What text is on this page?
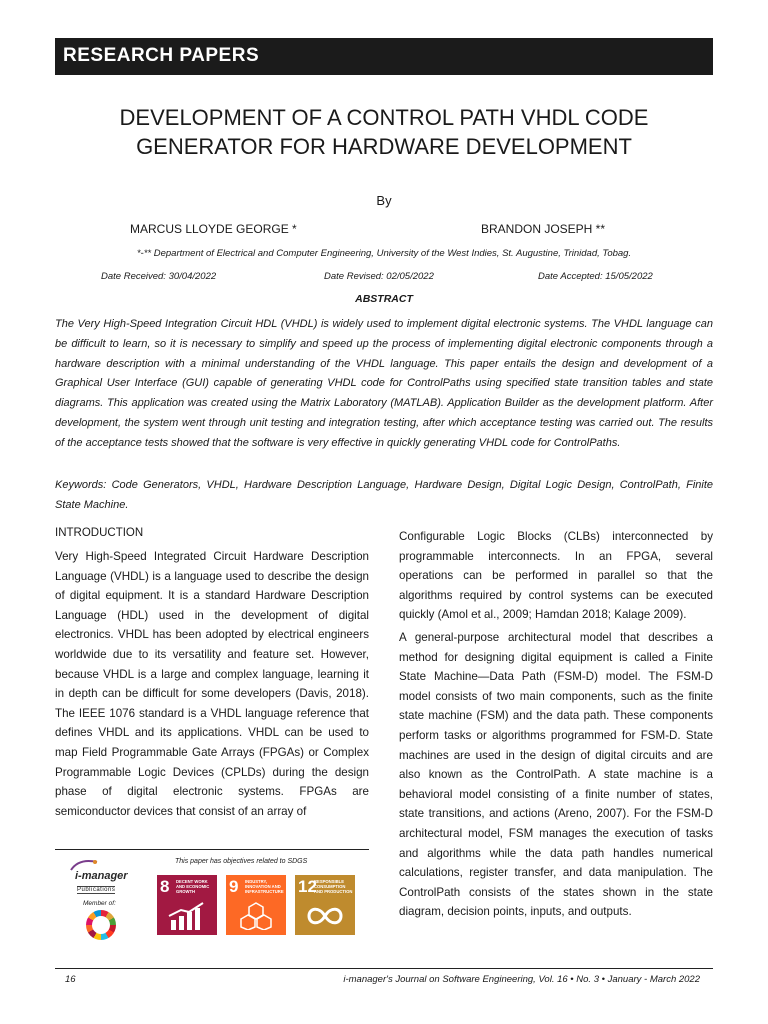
RESEARCH PAPERS
DEVELOPMENT OF A CONTROL PATH VHDL CODE
GENERATOR FOR HARDWARE DEVELOPMENT
By
MARCUS LLOYDE GEORGE *	BRANDON JOSEPH **
*-** Department of Electrical and Computer Engineering, University of the West Indies, St. Augustine, Trinidad, Tobag.
Date Received: 30/04/2022	Date Revised: 02/05/2022	Date Accepted: 15/05/2022
ABSTRACT
The Very High-Speed Integration Circuit HDL (VHDL) is widely used to implement digital electronic systems. The VHDL language can be difficult to learn, so it is necessary to simplify and speed up the process of implementing digital electronic components through a hardware description with a minimal understanding of the VHDL language. This paper entails the design and development of a Graphical User Interface (GUI) capable of generating VHDL code for ControlPaths using specified state transition tables and state diagrams. This application was created using the Matrix Laboratory (MATLAB). Application Builder as the development platform. After development, the system went through unit testing and integration testing, after which acceptance testing was carried out. The results of the acceptance tests showed that the software is very effective in quickly generating VHDL code for ControlPaths.
Keywords: Code Generators, VHDL, Hardware Description Language, Hardware Design, Digital Logic Design, ControlPath, Finite State Machine.
INTRODUCTION

Very High-Speed Integrated Circuit Hardware Description Language (VHDL) is a language used to describe the design of digital equipment. It is a standard Hardware Description Language (HDL) used in the development of digital electronics. VHDL has been adopted by electrical engineers worldwide due to its versatility and feature set. However, because VHDL is a large and complex language, learning it in depth can be difficult for some developers (Davis, 2018). The IEEE 1076 standard is a VHDL language reference that defines VHDL and its applications. VHDL can be used to map Field Programmable Gate Arrays (FPGAs) or Complex Programmable Logic Devices (CPLDs) during the design phase of digital electronic systems. FPGAs are semiconductor devices that consist of an array of

Configurable Logic Blocks (CLBs) interconnected by programmable interconnects. In an FPGA, several operations can be performed in parallel so that the algorithms required by control systems can be executed quickly (Amol et al., 2009; Hamdan 2018; Kalage 2009).

A general-purpose architectural model that describes a method for designing digital equipment is called a Finite State Machine—Data Path (FSM-D) model. The FSM-D model consists of two main components, such as the finite state machine (FSM) and the data path. These components perform tasks or algorithms programmed for FSM-D. State machines are used in the design of digital circuits and are also known as the ControlPath. A state machine is a behavioral model consisting of a finite number of states, state transitions, and actions (Areno, 2007). For the FSM-D architectural model, FSM manages the execution of tasks and algorithms while the data path handles numerical calculations, register transfer, and data manipulation. The ControlPath consists of the states shown in the state diagram, decision points, inputs, and outputs.

i-manager
Publications
Member of:
This paper has objectives related to SDGS
8 DECENT WORK AND ECONOMIC GROWTH	9 INDUSTRY, INNOVATION AND INFRASTRUCTURE 12
RESPONSIBLE CONSUMPTION AND PRODUCTION
16	i-manager's Journal on Software Engineering, Vol. 16 • No. 3 • January - March 2022
